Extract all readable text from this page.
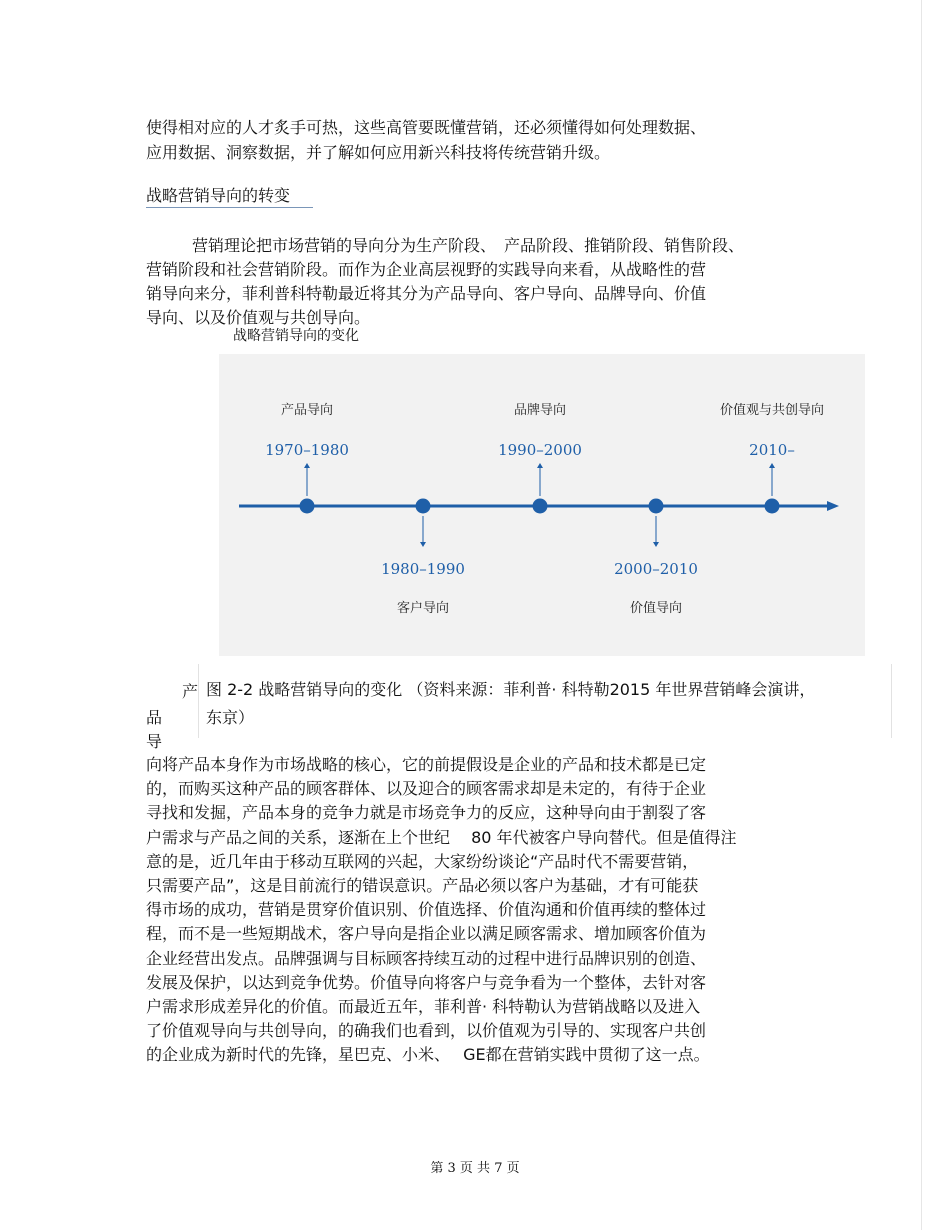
使得相对应的人才炙手可热，这些高管要既懂营销，还必须懂得如何处理数据、
应用数据、洞察数据，并了解如何应用新兴科技将传统营销升级。
战略营销导向的转变
营销理论把市场营销的导向分为生产阶段、　产品阶段、推销阶段、销售阶段、
营销阶段和社会营销阶段。而作为企业高层视野的实践导向来看，从战略性的营
销导向来分，菲利普科特勒最近将其分为产品导向、客户导向、品牌导向、价值
导向、以及价值观与共创导向。
战略营销导向的变化
1970–1980
产品导向
1980–1990
客户导向
1990–2000
品牌导向
2000–2010
价值导向
2010–
价值观与共创导向
产
品
导
图 2-2 战略营销导向的变化 （资料来源：菲利普· 科特勒2015 年世界营销峰会演讲，
东京）
向将产品本身作为市场战略的核心，它的前提假设是企业的产品和技术都是已定
的，而购买这种产品的顾客群体、以及迎合的顾客需求却是未定的，有待于企业
寻找和发掘，产品本身的竞争力就是市场竞争力的反应，这种导向由于割裂了客
户需求与产品之间的关系，逐渐在上个世纪　 80 年代被客户导向替代。但是值得注
意的是，近几年由于移动互联网的兴起，大家纷纷谈论“产品时代不需要营销，
只需要产品”，这是目前流行的错误意识。产品必须以客户为基础，才有可能获
得市场的成功，营销是贯穿价值识别、价值选择、价值沟通和价值再续的整体过
程，而不是一些短期战术，客户导向是指企业以满足顾客需求、增加顾客价值为
企业经营出发点。品牌强调与目标顾客持续互动的过程中进行品牌识别的创造、
发展及保护，以达到竞争优势。价值导向将客户与竞争看为一个整体，去针对客
户需求形成差异化的价值。而最近五年，菲利普· 科特勒认为营销战略以及进入
了价值观导向与共创导向，的确我们也看到，以价值观为引导的、实现客户共创
的企业成为新时代的先锋，星巴克、小米、　 GE都在营销实践中贯彻了这一点。
第 3 页 共 7 页
